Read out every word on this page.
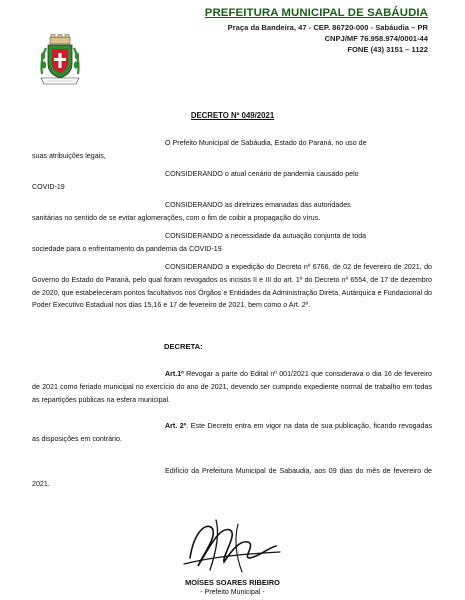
PREFEITURA MUNICIPAL DE SABÁUDIA
Praça da Bandeira, 47 - CEP. 86720-000 - Sabáudia – PR
CNPJ/MF 76.958.974/0001-44
FONE (43) 3151 – 1122
DECRETO Nº 049/2021
O Prefeito Municipal de Sabáudia, Estado do Paraná, no uso de
suas atribuições legais,
CONSIDERANDO o atual cenário de pandemia causado pelo
COVID-19
CONSIDERANDO as diretrizes emanadas das autoridades
sanitárias no sentido de se evitar aglomerações, com o fim de coibir a propagação do vírus.
CONSIDERANDO a necessidade da autuação conjunta de toda
sociedade para o enfrentamento da pandemia da COVID-19
CONSIDERANDO a expedição do Decreto nº 6766, de 02 de fevereiro de 2021, do Governo do Estado do Paraná, pelo qual foram revogados os incisos II e III do art. 1º do Decreto nº 6554, de 17 de dezembro de 2020, que estabeleceram pontos facultativos nos Órgãos e Entidades da Administração Direta, Autárquica e Fundacional do Poder Executivo Estadual nos dias 15,16 e 17 de fevereiro de 2021, bem como o Art. 2º.
DECRETA:
Art.1º Revogar a parte do Edital nº 001/2021 que considerava o dia 16 de fevereiro de 2021 como feriado municipal no exercício do ano de 2021, devendo ser cumprido expediente normal de trabalho em todas as repartições públicas na esfera municipal.
Art. 2º. Este Decreto entra em vigor na data de sua publicação, ficando revogadas as disposições em contrário.
Edifício da Prefeitura Municipal de Sabáudia, aos 09 dias do mês de fevereiro de 2021.
MOÍSES SOARES RIBEIRO
- Prefeito Municipal -
